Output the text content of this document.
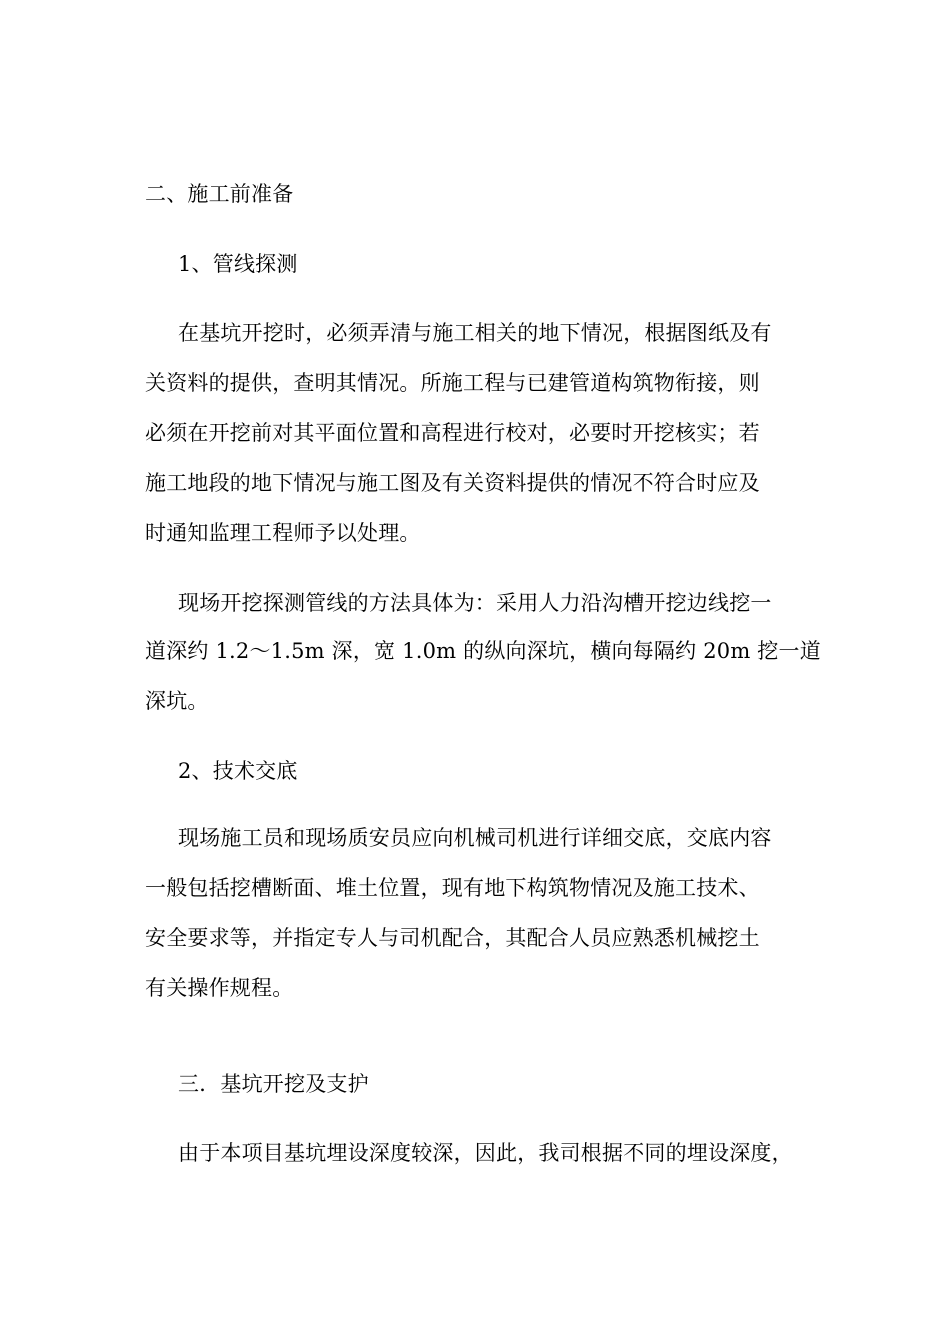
二、施工前准备
1、管线探测
在基坑开挖时，必须弄清与施工相关的地下情况，根据图纸及有
关资料的提供，查明其情况。所施工程与已建管道构筑物衔接，则
必须在开挖前对其平面位置和高程进行校对，必要时开挖核实；若
施工地段的地下情况与施工图及有关资料提供的情况不符合时应及
时通知监理工程师予以处理。
现场开挖探测管线的方法具体为：采用人力沿沟槽开挖边线挖一
道深约 1.2～1.5m 深，宽 1.0m 的纵向深坑，横向每隔约 20m 挖一道
深坑。
2、技术交底
现场施工员和现场质安员应向机械司机进行详细交底，交底内容
一般包括挖槽断面、堆土位置，现有地下构筑物情况及施工技术、
安全要求等，并指定专人与司机配合，其配合人员应熟悉机械挖土
有关操作规程。
三．基坑开挖及支护
由于本项目基坑埋设深度较深，因此，我司根据不同的埋设深度，
